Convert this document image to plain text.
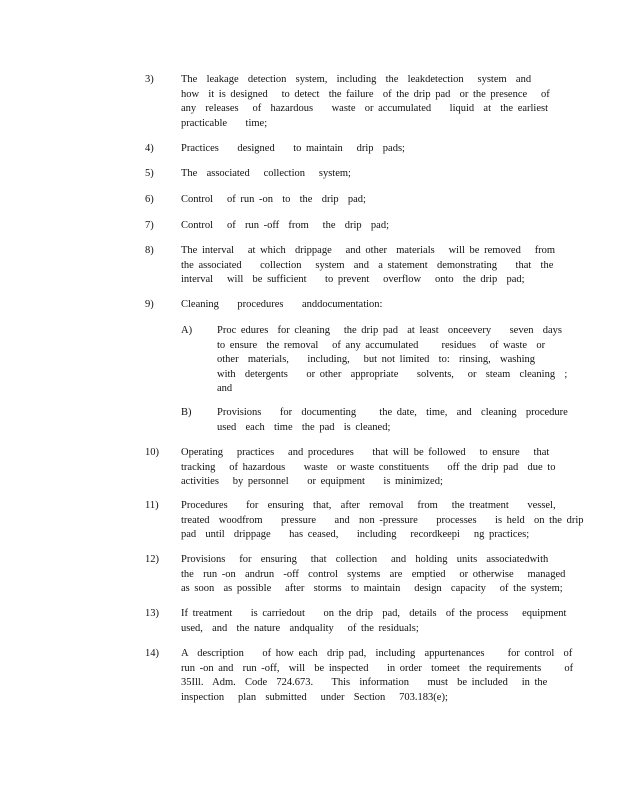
3)	The  leakage  detection  system,  including  the  leakdetection   system  and
how  it is designed   to detect  the failure  of the drip pad  or the presence   of
any  releases   of  hazardous    waste  or accumulated    liquid  at  the earliest
practicable    time;
4)	Practices    designed    to maintain   drip  pads;
5)	The  associated   collection   system;
6)	Control   of run -on  to  the  drip  pad;
7)	Control   of  run -off  from   the  drip  pad;
8)	The interval   at which  drippage   and other  materials   will be removed   from
the associated    collection   system  and  a statement  demonstrating    that  the
interval   will  be sufficient    to prevent   overflow   onto  the drip  pad;
9)	Cleaning    procedures    anddocumentation:
A) Proc edures  for cleaning   the drip pad  at least  onceevery    seven  days
to ensure  the removal   of any accumulated     residues   of waste  or
other  materials,    including,   but not limited  to:  rinsing,  washing
with  detergents    or other  appropriate    solvents,   or  steam  cleaning  ;
and
B) Provisions    for  documenting     the date,  time,  and  cleaning  procedure
used  each  time  the pad  is cleaned;
10) Operating   practices   and procedures    that will be followed   to ensure   that
tracking   of hazardous    waste  or waste constituents    off the drip pad  due to
activities   by personnel    or equipment    is minimized;
11) Procedures    for  ensuring  that,  after  removal   from   the treatment    vessel,
treated  woodfrom    pressure    and  non -pressure    processes    is held  on the drip
pad  until  drippage    has ceased,    including   recordkeepi   ng practices;
12) Provisions   for  ensuring   that  collection   and  holding  units  associatedwith
the  run -on  andrun  -off  control  systems  are  emptied   or otherwise   managed
as soon  as possible   after  storms  to maintain   design  capacity   of the system;
13) If treatment    is carriedout    on the drip  pad,  details  of the process   equipment
used,  and  the nature  andquality   of the residuals;
14) A  description    of how each  drip pad,  including  appurtenances     for control  of
run -on and  run -off,  will  be inspected    in order  tomeet  the requirements     of
35Ill.  Adm.  Code  724.673.    This  information    must  be included   in the
inspection   plan  submitted   under  Section   703.183(e);
